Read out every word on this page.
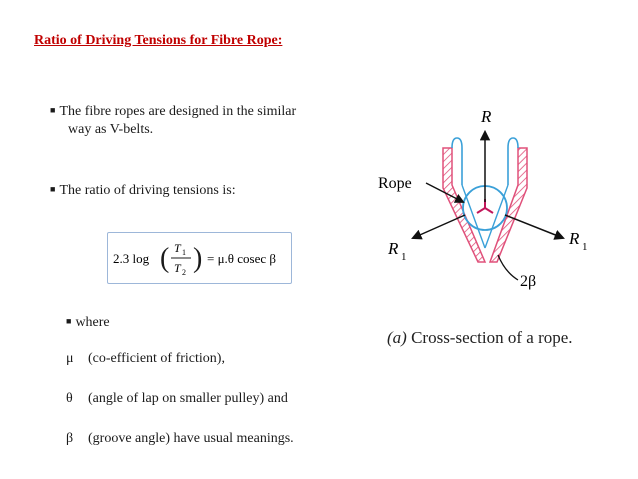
Ratio of Driving Tensions for Fibre Rope:
■ The fibre ropes are designed in the similar
way as V-belts.
■ The ratio of driving tensions is:
2.3 log ( T 1
T 2 ) = μ.θ cosec β
■ where
μ (co-efficient of friction),
θ (angle of lap on smaller pulley) and
β (groove angle) have usual meanings.
R
Rope
R 1
R 1
2β
(a) Cross-section of a rope.
